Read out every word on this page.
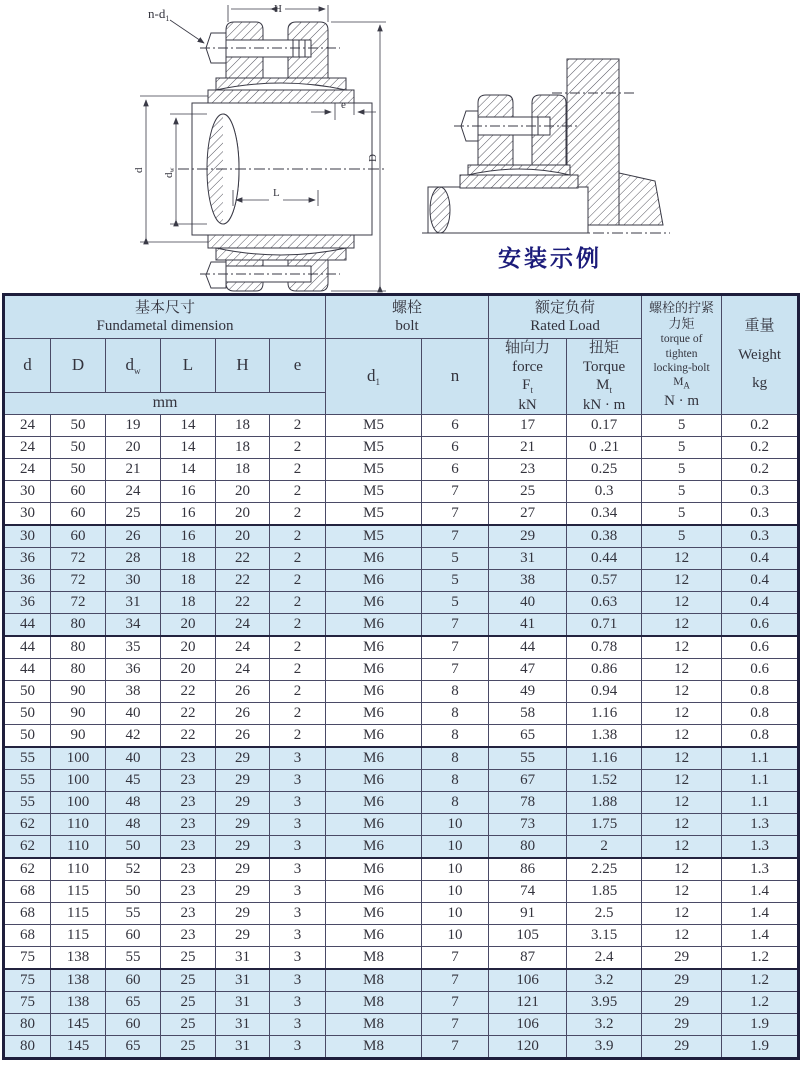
$n-d_1$
H
e
d
dw
D
L
安装示例
基本尺寸
Fundametal dimension

螺栓
bolt

额定负荷
Rated Load

螺栓的拧紧
力矩
torque of
tighten
locking-bolt
$M_A$
N · m

重量
Weight
kg

d	D	$d_w$	L	H	e	$d_1$	n	
轴向力
force
$F_t$
kN

扭矩
Torque
$M_t$
kN · m

mm											
24	50	19	14	18	2	M5	6	17	0.17	5	0.2
24	50	20	14	18	2	M5	6	21	0 .21	5	0.2
24	50	21	14	18	2	M5	6	23	0.25	5	0.2
30	60	24	16	20	2	M5	7	25	0.3	5	0.3
30	60	25	16	20	2	M5	7	27	0.34	5	0.3
30	60	26	16	20	2	M5	7	29	0.38	5	0.3
36	72	28	18	22	2	M6	5	31	0.44	12	0.4
36	72	30	18	22	2	M6	5	38	0.57	12	0.4
36	72	31	18	22	2	M6	5	40	0.63	12	0.4
44	80	34	20	24	2	M6	7	41	0.71	12	0.6
44	80	35	20	24	2	M6	7	44	0.78	12	0.6
44	80	36	20	24	2	M6	7	47	0.86	12	0.6
50	90	38	22	26	2	M6	8	49	0.94	12	0.8
50	90	40	22	26	2	M6	8	58	1.16	12	0.8
50	90	42	22	26	2	M6	8	65	1.38	12	0.8
55	100	40	23	29	3	M6	8	55	1.16	12	1.1
55	100	45	23	29	3	M6	8	67	1.52	12	1.1
55	100	48	23	29	3	M6	8	78	1.88	12	1.1
62	110	48	23	29	3	M6	10	73	1.75	12	1.3
62	110	50	23	29	3	M6	10	80	2	12	1.3
62	110	52	23	29	3	M6	10	86	2.25	12	1.3
68	115	50	23	29	3	M6	10	74	1.85	12	1.4
68	115	55	23	29	3	M6	10	91	2.5	12	1.4
68	115	60	23	29	3	M6	10	105	3.15	12	1.4
75	138	55	25	31	3	M8	7	87	2.4	29	1.2
75	138	60	25	31	3	M8	7	106	3.2	29	1.2
75	138	65	25	31	3	M8	7	121	3.95	29	1.2
80	145	60	25	31	3	M8	7	106	3.2	29	1.9
80	145	65	25	31	3	M8	7	120	3.9	29	1.9
